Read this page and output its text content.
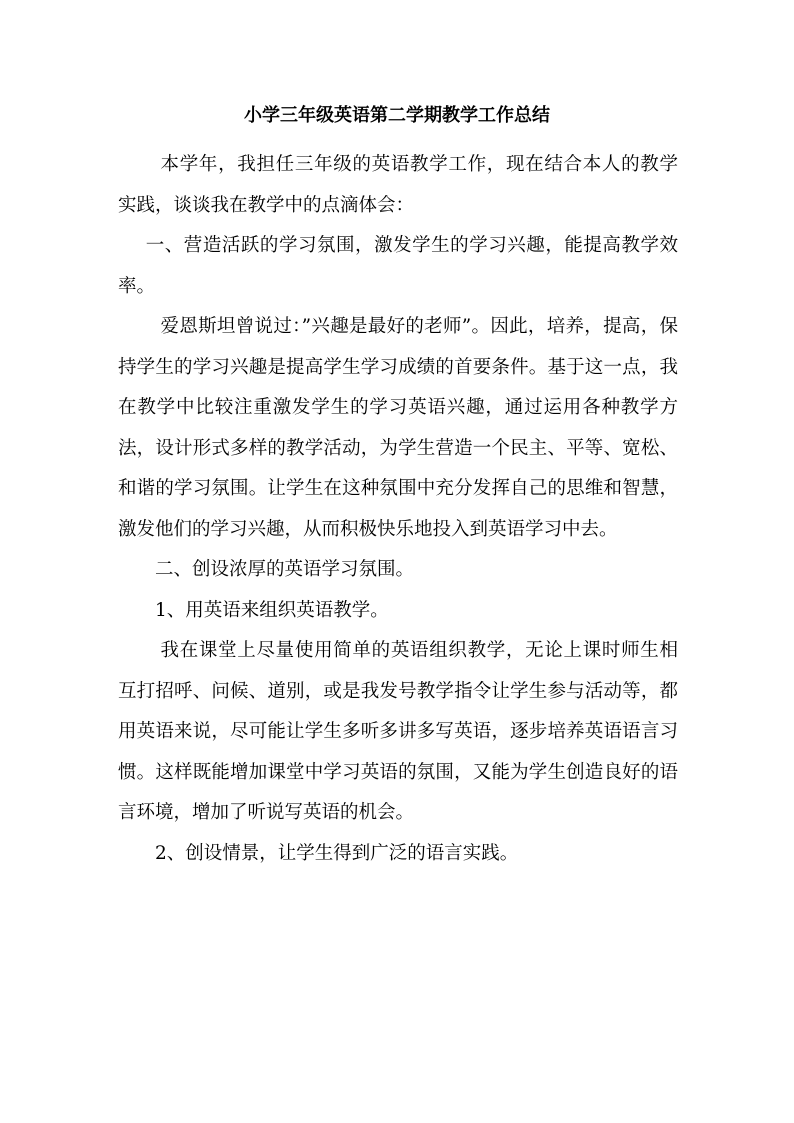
小学三年级英语第二学期教学工作总结

本学年，我担任三年级的英语教学工作，现在结合本人的教学实践，谈谈我在教学中的点滴体会：

一、营造活跃的学习氛围，激发学生的学习兴趣，能提高教学效率。

爱恩斯坦曾说过：”兴趣是最好的老师”。因此，培养，提高，保持学生的学习兴趣是提高学生学习成绩的首要条件。基于这一点，我在教学中比较注重激发学生的学习英语兴趣，通过运用各种教学方法，设计形式多样的教学活动，为学生营造一个民主、平等、宽松、和谐的学习氛围。让学生在这种氛围中充分发挥自己的思维和智慧，激发他们的学习兴趣，从而积极快乐地投入到英语学习中去。

二、创设浓厚的英语学习氛围。

1、用英语来组织英语教学。

我在课堂上尽量使用简单的英语组织教学，无论上课时师生相互打招呼、问候、道别，或是我发号教学指令让学生参与活动等，都用英语来说，尽可能让学生多听多讲多写英语，逐步培养英语语言习惯。这样既能增加课堂中学习英语的氛围，又能为学生创造良好的语言环境，增加了听说写英语的机会。

2、创设情景，让学生得到广泛的语言实践。
